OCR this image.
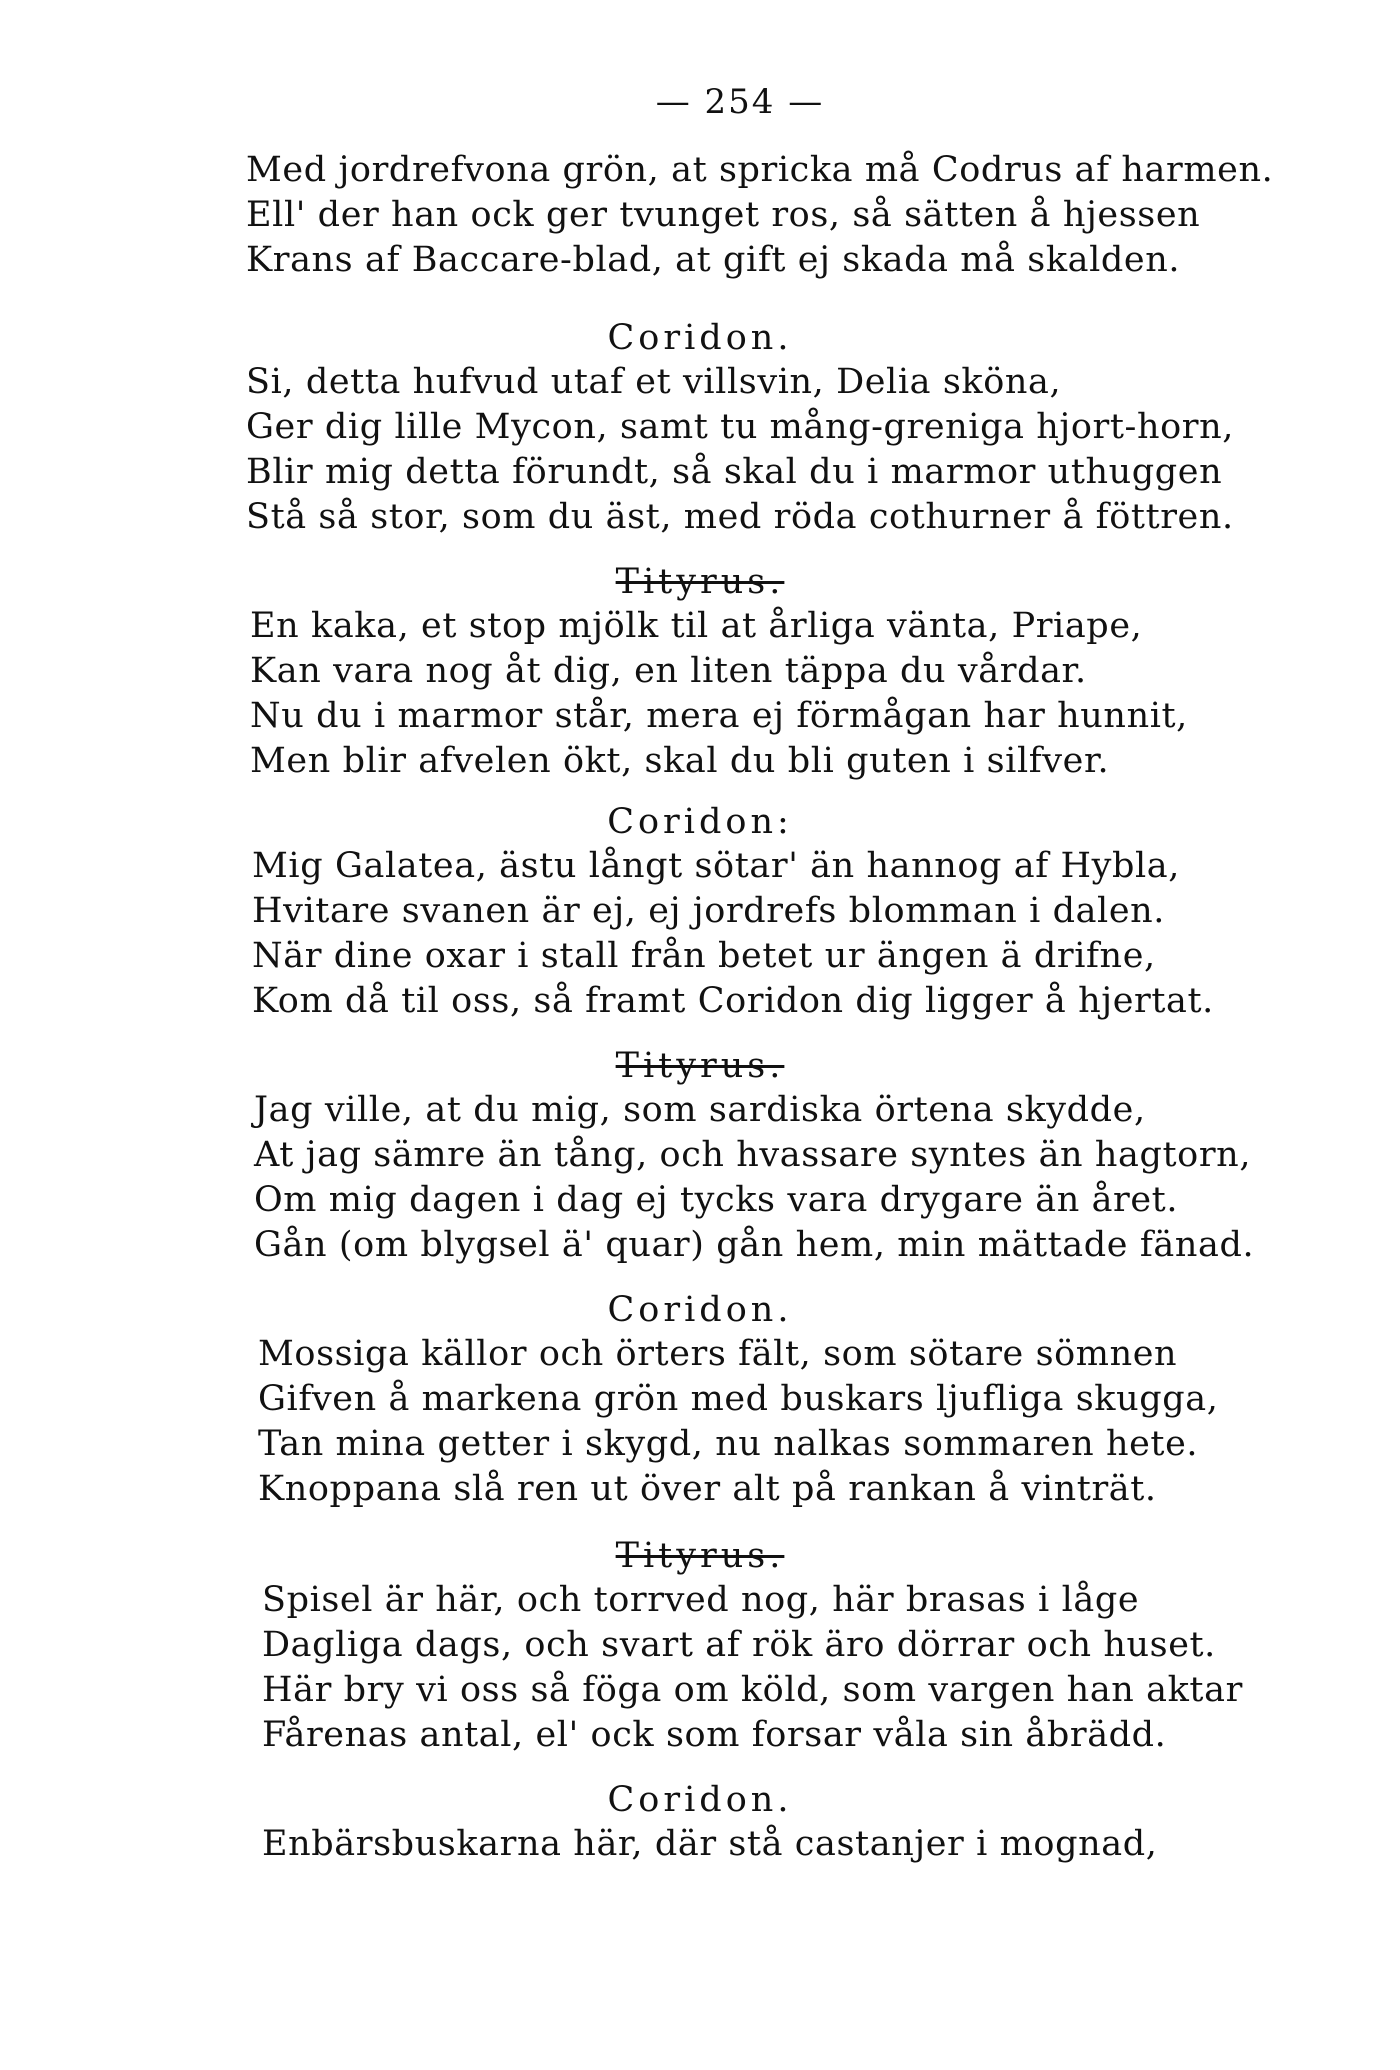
— 254 —
Med jordrefvona grön, at spricka må Codrus af harmen.
Ell' der han ock ger tvunget ros, så sätten å hjessen
Krans af Baccare-blad, at gift ej skada må skalden.
Coridon.
Si, detta hufvud utaf et villsvin, Delia sköna,
Ger dig lille Mycon, samt tu mång-greniga hjort-horn,
Blir mig detta förundt, så skal du i marmor uthuggen
Stå så stor, som du äst, med röda cothurner å föttren.
Tityrus.
En kaka, et stop mjölk til at årliga vänta, Priape,
Kan vara nog åt dig, en liten täppa du vårdar.
Nu du i marmor står, mera ej förmågan har hunnit,
Men blir afvelen ökt, skal du bli guten i silfver.
Coridon:
Mig Galatea, ästu långt sötar' än hannog af Hybla,
Hvitare svanen är ej, ej jordrefs blomman i dalen.
När dine oxar i stall från betet ur ängen ä drifne,
Kom då til oss, så framt Coridon dig ligger å hjertat.
Tityrus.
Jag ville, at du mig, som sardiska örtena skydde,
At jag sämre än tång, och hvassare syntes än hagtorn,
Om mig dagen i dag ej tycks vara drygare än året.
Gån (om blygsel ä' quar) gån hem, min mättade fänad.
Coridon.
Mossiga källor och örters fält, som sötare sömnen
Gifven å markena grön med buskars ljufliga skugga,
Tan mina getter i skygd, nu nalkas sommaren hete.
Knoppana slå ren ut över alt på rankan å vinträt.
Tityrus.
Spisel är här, och torrved nog, här brasas i låge
Dagliga dags, och svart af rök äro dörrar och huset.
Här bry vi oss så föga om köld, som vargen han aktar
Fårenas antal, el' ock som forsar våla sin åbrädd.
Coridon.
Enbärsbuskarna här, där stå castanjer i mognad,
